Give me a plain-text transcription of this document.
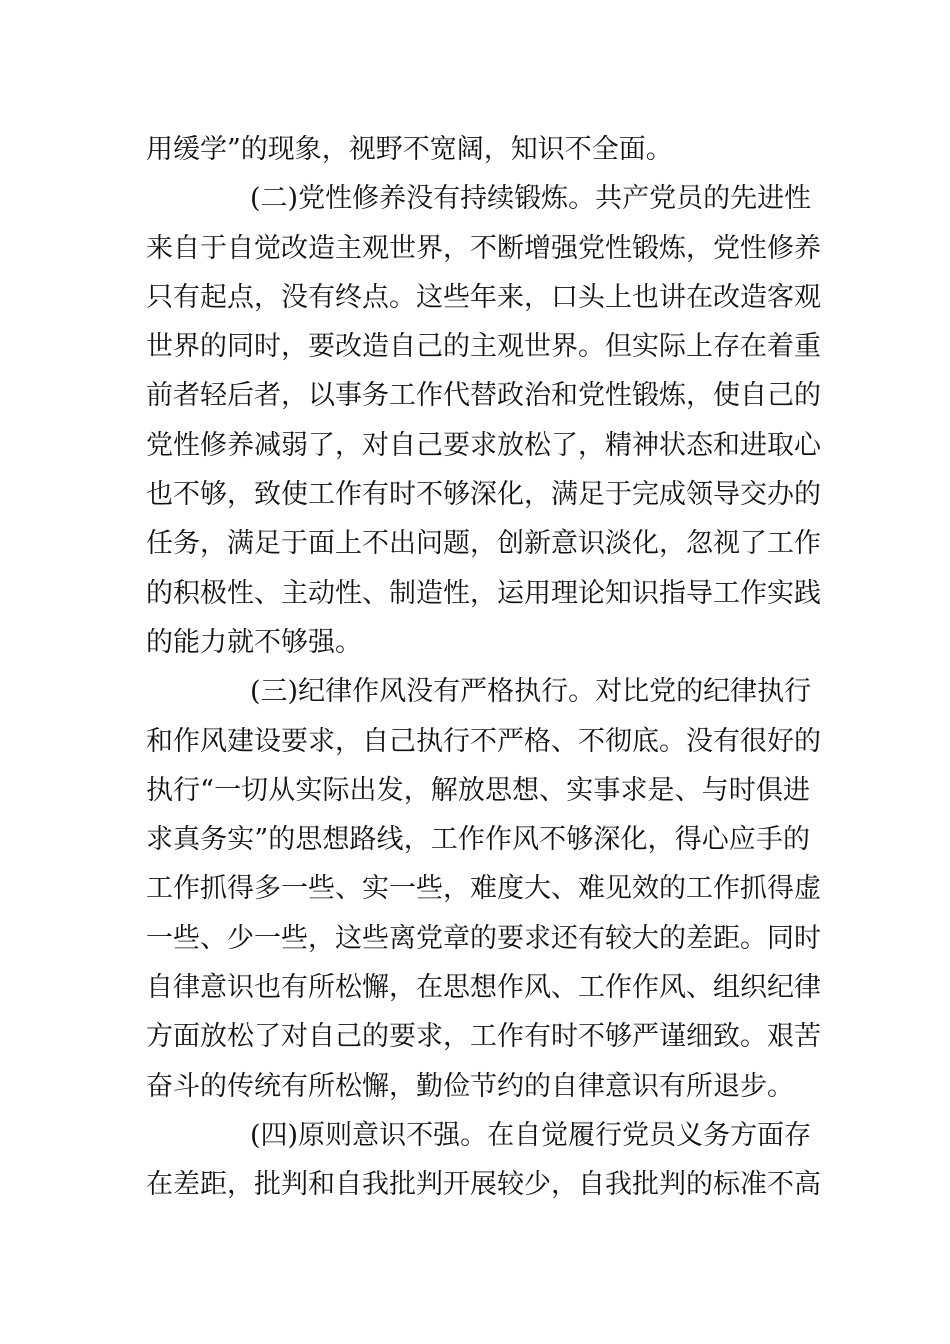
用缓学”的现象，视野不宽阔，知识不全面。
(二)党性修养没有持续锻炼。共产党员的先进性
来自于自觉改造主观世界，不断增强党性锻炼，党性修养
只有起点，没有终点。这些年来，口头上也讲在改造客观
世界的同时，要改造自己的主观世界。但实际上存在着重
前者轻后者，以事务工作代替政治和党性锻炼，使自己的
党性修养减弱了，对自己要求放松了，精神状态和进取心
也不够，致使工作有时不够深化，满足于完成领导交办的
任务，满足于面上不出问题，创新意识淡化，忽视了工作
的积极性、主动性、制造性，运用理论知识指导工作实践
的能力就不够强。
(三)纪律作风没有严格执行。对比党的纪律执行
和作风建设要求，自己执行不严格、不彻底。没有很好的
执行“一切从实际出发，解放思想、实事求是、与时俱进
求真务实”的思想路线，工作作风不够深化，得心应手的
工作抓得多一些、实一些，难度大、难见效的工作抓得虚
一些、少一些，这些离党章的要求还有较大的差距。同时
自律意识也有所松懈，在思想作风、工作作风、组织纪律
方面放松了对自己的要求，工作有时不够严谨细致。艰苦
奋斗的传统有所松懈，勤俭节约的自律意识有所退步。
(四)原则意识不强。在自觉履行党员义务方面存
在差距，批判和自我批判开展较少，自我批判的标准不高
